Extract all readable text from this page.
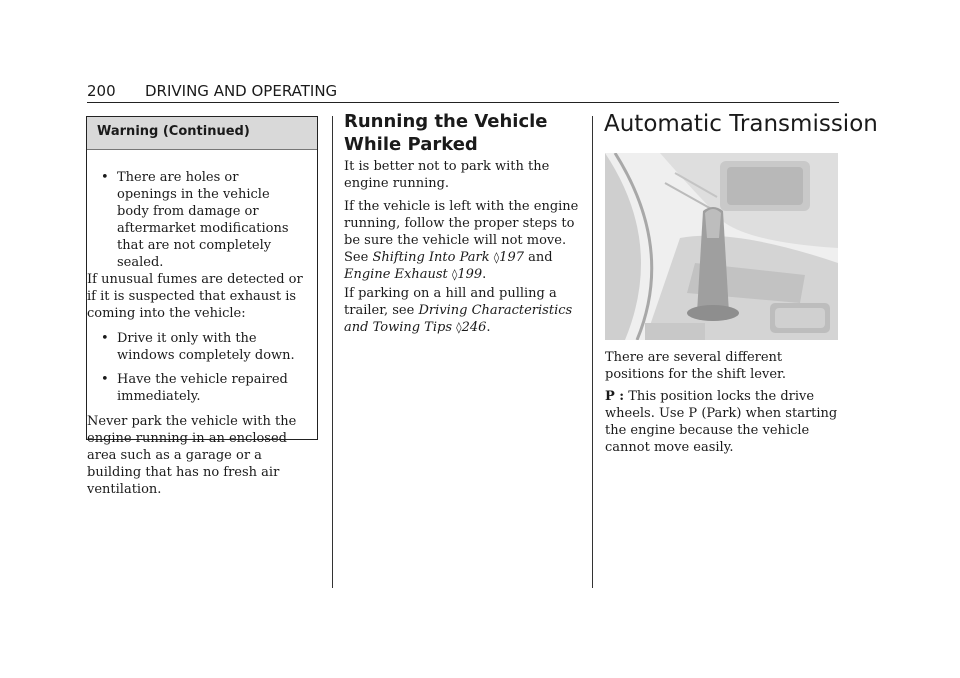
200 DRIVING AND OPERATING
Warning (Continued)
• There are holes or openings in the vehicle body from damage or aftermarket modifications that are not completely sealed.

If unusual fumes are detected or if it is suspected that exhaust is coming into the vehicle:

• Drive it only with the windows completely down.
• Have the vehicle repaired immediately.

Never park the vehicle with the engine running in an enclosed area such as a garage or a building that has no fresh air ventilation.

Running the Vehicle While Parked

It is better not to park with the engine running.

If the vehicle is left with the engine running, follow the proper steps to be sure the vehicle will not move. See Shifting Into Park ◊197 and Engine Exhaust ◊199.

If parking on a hill and pulling a trailer, see Driving Characteristics and Towing Tips ◊246.

Automatic Transmission

There are several different positions for the shift lever.

P : This position locks the drive wheels. Use P (Park) when starting the engine because the vehicle cannot move easily.
